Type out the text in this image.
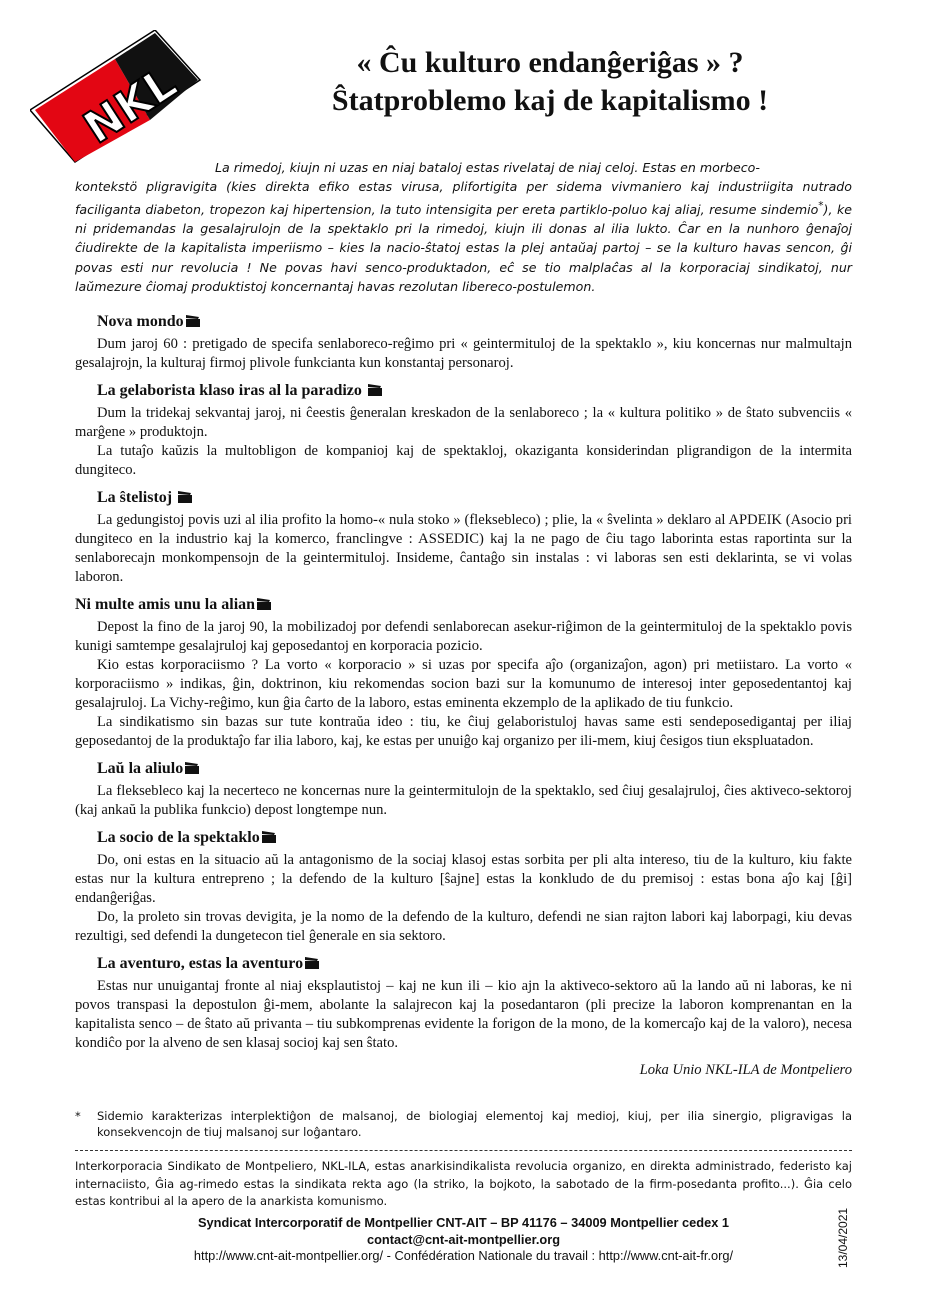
NKL	« Ĉu kulturo endanĝeriĝas » ?
Ŝtatproblemo kaj de kapitalismo !
La rimedoj, kiujn ni uzas en niaj bataloj estas rivelataj de niaj celoj. Estas en morbeco-
kontekstö pligravigita (kies direkta efiko estas virusa, plifortigita per sidema vivmaniero kaj industriigita nutrado faciliganta diabeton, tropezon kaj hipertension, la tuto intensigita per ereta partiklo-poluo kaj aliaj, resume sindemio*), ke ni pridemandas la gesalajrulojn de la spektaklo pri la rimedoj, kiujn ili donas al ilia lukto. Ĉar en la nunhoro ĝenaĵoj ĉiudirekte de la kapitalista imperiismo – kies la nacio-ŝtatoj estas la plej antaŭaj partoj – se la kulturo havas sencon, ĝi povas esti nur revolucia ! Ne povas havi senco-produktadon, eĉ se tio malplaĉas al la korporaciaj sindikatoj, nur laŭmezure ĉiomaj produktistoj koncernantaj havas rezolutan libereco-postulemon.
Nova mondo

Dum jaroj 60 : pretigado de specifa senlaboreco-reĝimo pri « geintermituloj de la spektaklo », kiu koncernas nur malmultajn gesalajrojn, la kulturaj firmoj plivole funkcianta kun konstantaj personaroj.

La gelaborista klaso iras al la paradizo

Dum la tridekaj sekvantaj jaroj, ni ĉeestis ĝeneralan kreskadon de la senlaboreco ; la « kultura politiko » de ŝtato subvenciis « marĝene » produktojn.

La tutaĵo kaŭzis la multobligon de kompanioj kaj de spektakloj, okaziganta konsiderindan pligrandigon de la intermita dungiteco.

La ŝtelistoj

La gedungistoj povis uzi al ilia profito la homo-« nula stoko » (fleksebleco) ; plie, la « ŝvelinta » deklaro al APDEIK (Asocio pri dungiteco en la industrio kaj la komerco, franclingve : ASSEDIC) kaj la ne pago de ĉiu tago laborinta estas raportinta sur la senlaborecajn monkompensojn de la geintermituloj. Insideme, ĉantaĝo sin instalas : vi laboras sen esti deklarinta, se vi volas laboron.

Ni multe amis unu la alian

Depost la fino de la jaroj 90, la mobilizadoj por defendi senlaborecan asekur-riĝimon de la geintermituloj de la spektaklo povis kunigi samtempe gesalajruloj kaj geposedantoj en korporacia pozicio.

Kio estas korporaciismo ? La vorto « korporacio » si uzas por specifa aĵo (organizaĵon, agon) pri metiistaro. La vorto « korporaciismo » indikas, ĝin, doktrinon, kiu rekomendas socion bazi sur la komunumo de interesoj inter geposedentantoj kaj gesalajruloj. La Vichy-reĝimo, kun ĝia ĉarto de la laboro, estas eminenta ekzemplo de la aplikado de tiu funkcio.

La sindikatismo sin bazas sur tute kontraŭa ideo : tiu, ke ĉiuj gelaboristuloj havas same esti sendeposedigantaj per iliaj geposedantoj de la produktaĵo far ilia laboro, kaj, ke estas per unuiĝo kaj organizo per ili-mem, kiuj ĉesigos tiun ekspluatadon.

Laŭ la aliulo

La fleksebleco kaj la necerteco ne koncernas nure la geintermitulojn de la spektaklo, sed ĉiuj gesalajruloj, ĉies aktiveco-sektoroj (kaj ankaŭ la publika funkcio) depost longtempe nun.

La socio de la spektaklo

Do, oni estas en la situacio aŭ la antagonismo de la sociaj klasoj estas sorbita per pli alta intereso, tiu de la kulturo, kiu fakte estas nur la kultura entrepreno ; la defendo de la kulturo [ŝajne] estas la konkludo de du premisoj : estas bona aĵo kaj [ĝi] endanĝeriĝas.

Do, la proleto sin trovas devigita, je la nomo de la defendo de la kulturo, defendi ne sian rajton labori kaj laborpagi, kiu devas rezultigi, sed defendi la dungetecon tiel ĝenerale en sia sektoro.

La aventuro, estas la aventuro

Estas nur unuigantaj fronte al niaj eksplautistoj – kaj ne kun ili – kio ajn la aktiveco-sektoro aŭ la lando aŭ ni laboras, ke ni povos transpasi la depostulon ĝi-mem, abolante la salajrecon kaj la posedantaron (pli precize la laboron komprenantan en la kapitalista senco – de ŝtato aŭ privanta – tiu subkomprenas evidente la forigon de la mono, de la komercaĵo kaj de la valoro), necesa kondiĉo por la alveno de sen klasaj socioj kaj sen ŝtato.

Loka Unio NKL-ILA de Montpeliero
* Sidemio karakterizas interplektiĝon de malsanoj, de biologiaj elementoj kaj medioj, kiuj, per ilia sinergio, pligravigas la konsekvencojn de tiuj malsanoj sur loĝantaro.
Interkorporacia Sindikato de Montpeliero, NKL-ILA, estas anarkisindikalista revolucia organizo, en direkta administrado, federisto kaj internaciisto, Ĝia ag-rimedo estas la sindikata rekta ago (la striko, la bojkoto, la sabotado de la firm-posedanta profito...). Ĝia celo estas kontribui al la apero de la anarkista komunismo.
Syndicat Intercorporatif de Montpellier CNT-AIT – BP 41176 – 34009 Montpellier cedex 1
contact@cnt-ait-montpellier.org
http://www.cnt-ait-montpellier.org/ - Confédération Nationale du travail : http://www.cnt-ait-fr.org/	13/04/2021
